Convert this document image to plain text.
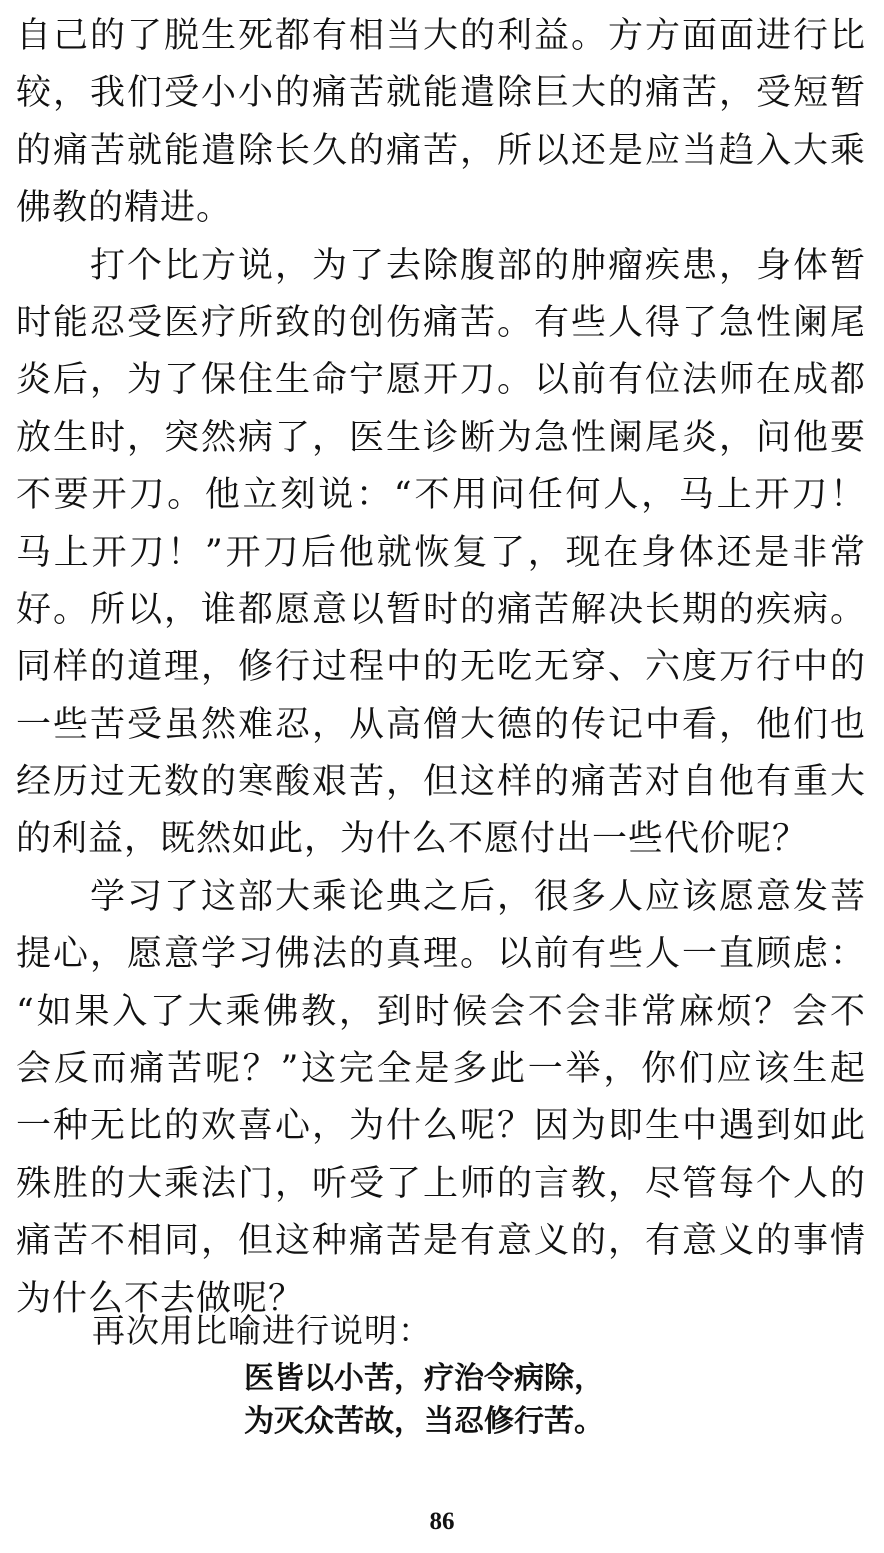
自己的了脱生死都有相当大的利益。方方面面进行比
较，我们受小小的痛苦就能遣除巨大的痛苦，受短暂
的痛苦就能遣除长久的痛苦，所以还是应当趋入大乘
佛教的精进。
　　打个比方说，为了去除腹部的肿瘤疾患，身体暂
时能忍受医疗所致的创伤痛苦。有些人得了急性阑尾
炎后，为了保住生命宁愿开刀。以前有位法师在成都
放生时，突然病了，医生诊断为急性阑尾炎，问他要
不要开刀。他立刻说：“不用问任何人，马上开刀！
马上开刀！”开刀后他就恢复了，现在身体还是非常
好。所以，谁都愿意以暂时的痛苦解决长期的疾病。
同样的道理，修行过程中的无吃无穿、六度万行中的
一些苦受虽然难忍，从高僧大德的传记中看，他们也
经历过无数的寒酸艰苦，但这样的痛苦对自他有重大
的利益，既然如此，为什么不愿付出一些代价呢？
　　学习了这部大乘论典之后，很多人应该愿意发菩
提心，愿意学习佛法的真理。以前有些人一直顾虑：
“如果入了大乘佛教，到时候会不会非常麻烦？会不
会反而痛苦呢？”这完全是多此一举，你们应该生起
一种无比的欢喜心，为什么呢？因为即生中遇到如此
殊胜的大乘法门，听受了上师的言教，尽管每个人的
痛苦不相同，但这种痛苦是有意义的，有意义的事情
为什么不去做呢？
再次用比喻进行说明：
医皆以小苦，疗治令病除，
为灭众苦故，当忍修行苦。
86
